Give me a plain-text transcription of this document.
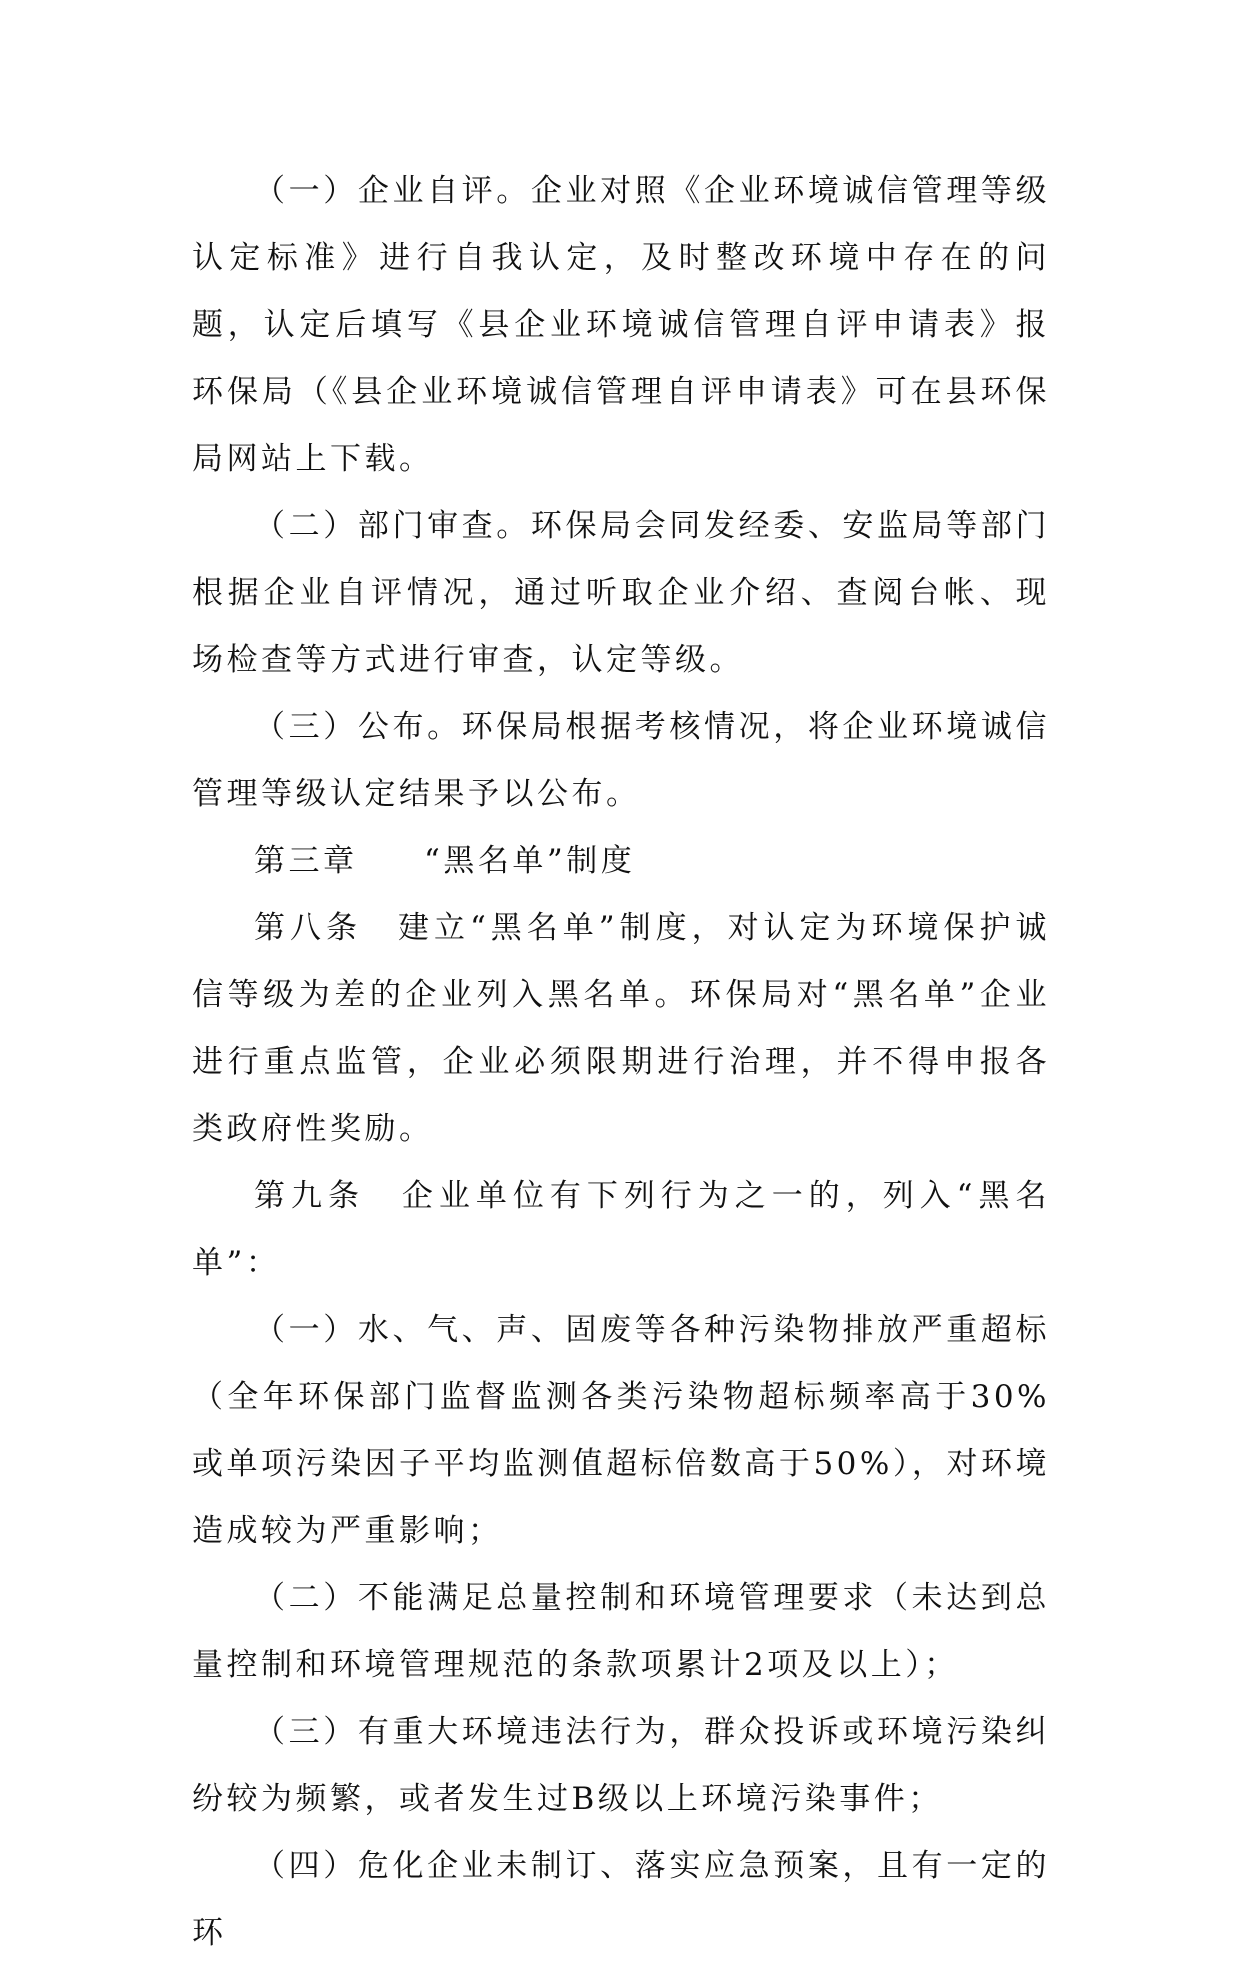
（一）企业自评。企业对照《企业环境诚信管理等级认定标准》进行自我认定，及时整改环境中存在的问题，认定后填写《县企业环境诚信管理自评申请表》报环保局（《县企业环境诚信管理自评申请表》可在县环保局网站上下载。

（二）部门审查。环保局会同发经委、安监局等部门根据企业自评情况，通过听取企业介绍、查阅台帐、现场检查等方式进行审查，认定等级。

（三）公布。环保局根据考核情况，将企业环境诚信管理等级认定结果予以公布。

第三章 “黑名单”制度

第八条　建立“黑名单”制度，对认定为环境保护诚信等级为差的企业列入黑名单。环保局对“黑名单”企业进行重点监管，企业必须限期进行治理，并不得申报各类政府性奖励。

第九条　企业单位有下列行为之一的，列入“黑名单”：

（一）水、气、声、固废等各种污染物排放严重超标（全年环保部门监督监测各类污染物超标频率高于30%或单项污染因子平均监测值超标倍数高于50%），对环境造成较为严重影响；

（二）不能满足总量控制和环境管理要求（未达到总量控制和环境管理规范的条款项累计2项及以上）；

（三）有重大环境违法行为，群众投诉或环境污染纠纷较为频繁，或者发生过B级以上环境污染事件；

（四）危化企业未制订、落实应急预案，且有一定的环
